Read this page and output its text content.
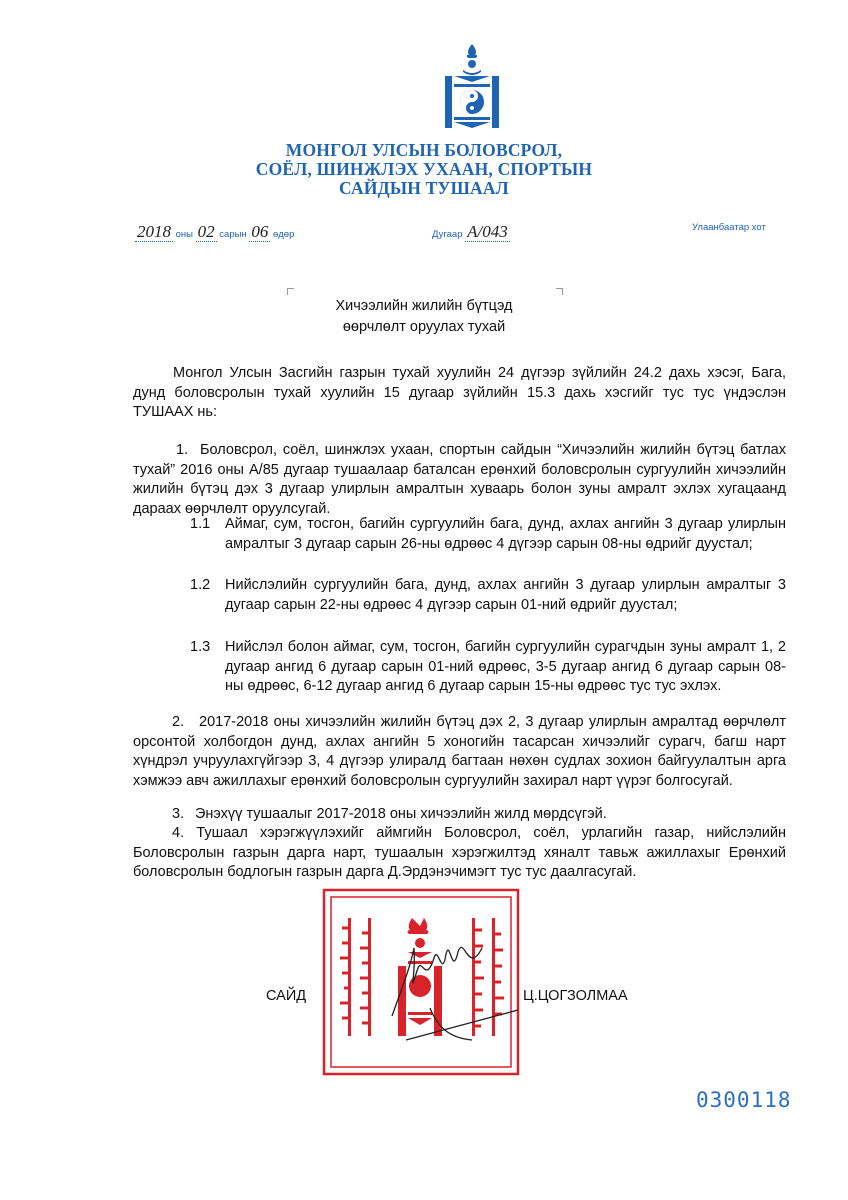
МОНГОЛ УЛСЫН БОЛОВСРОЛ,
СОЁЛ, ШИНЖЛЭХ УХААН, СПОРТЫН
САЙДЫН ТУШААЛ
2018 оны 02 сарын 06 өдөр	Дугаар A/043	Улаанбаатар хот
Хичээлийн жилийн бүтцэд
өөрчлөлт оруулах тухай
Монгол Улсын Засгийн газрын тухай хуулийн 24 дүгээр зүйлийн 24.2 дахь хэсэг, Бага, дунд боловсролын тухай хуулийн 15 дугаар зүйлийн 15.3 дахь хэсгийг тус тус үндэслэн ТУШААХ нь:
1. Боловсрол, соёл, шинжлэх ухаан, спортын сайдын “Хичээлийн жилийн бүтэц батлах тухай” 2016 оны А/85 дугаар тушаалаар баталсан ерөнхий боловсролын сургуулийн хичээлийн жилийн бүтэц дэх 3 дугаар улирлын амралтын хуваарь болон зуны амралт эхлэх хугацаанд дараах өөрчлөлт оруулсугай.
1.1 Аймаг, сум, тосгон, багийн сургуулийн бага, дунд, ахлах ангийн 3 дугаар улирлын амралтыг 3 дугаар сарын 26-ны өдрөөс 4 дүгээр сарын 08-ны өдрийг дуустал;
1.2 Нийслэлийн сургуулийн бага, дунд, ахлах ангийн 3 дугаар улирлын амралтыг 3 дугаар сарын 22-ны өдрөөс 4 дүгээр сарын 01-ний өдрийг дуустал;
1.3 Нийслэл болон аймаг, сум, тосгон, багийн сургуулийн сурагчдын зуны амралт 1, 2 дугаар ангид 6 дугаар сарын 01-ний өдрөөс, 3-5 дугаар ангид 6 дугаар сарын 08-ны өдрөөс, 6-12 дугаар ангид 6 дугаар сарын 15-ны өдрөөс тус тус эхлэх.
2.	2017-2018 оны хичээлийн жилийн бүтэц дэх 2, 3 дугаар улирлын амралтад өөрчлөлт орсонтой холбогдон дунд, ахлах ангийн 5 хоногийн тасарсан хичээлийг сурагч, багш нарт хүндрэл учруулахгүйгээр 3, 4 дүгээр улиралд багтаан нөхөн судлах зохион байгуулалтын арга хэмжээ авч ажиллахыг ерөнхий боловсролын сургуулийн захирал нарт үүрэг болгосугай.
3. Энэхүү тушаалыг 2017-2018 оны хичээлийн жилд мөрдсүгэй.
4. Тушаал хэрэгжүүлэхийг аймгийн Боловсрол, соёл, урлагийн газар, нийслэлийн Боловсролын газрын дарга нарт, тушаалын хэрэгжилтэд хяналт тавьж ажиллахыг Ерөнхий боловсролын бодлогын газрын дарга Д.Эрдэнэчимэгт тус тус даалгасугай.
САЙД	Ц.ЦОГЗОЛМАА
0300118
